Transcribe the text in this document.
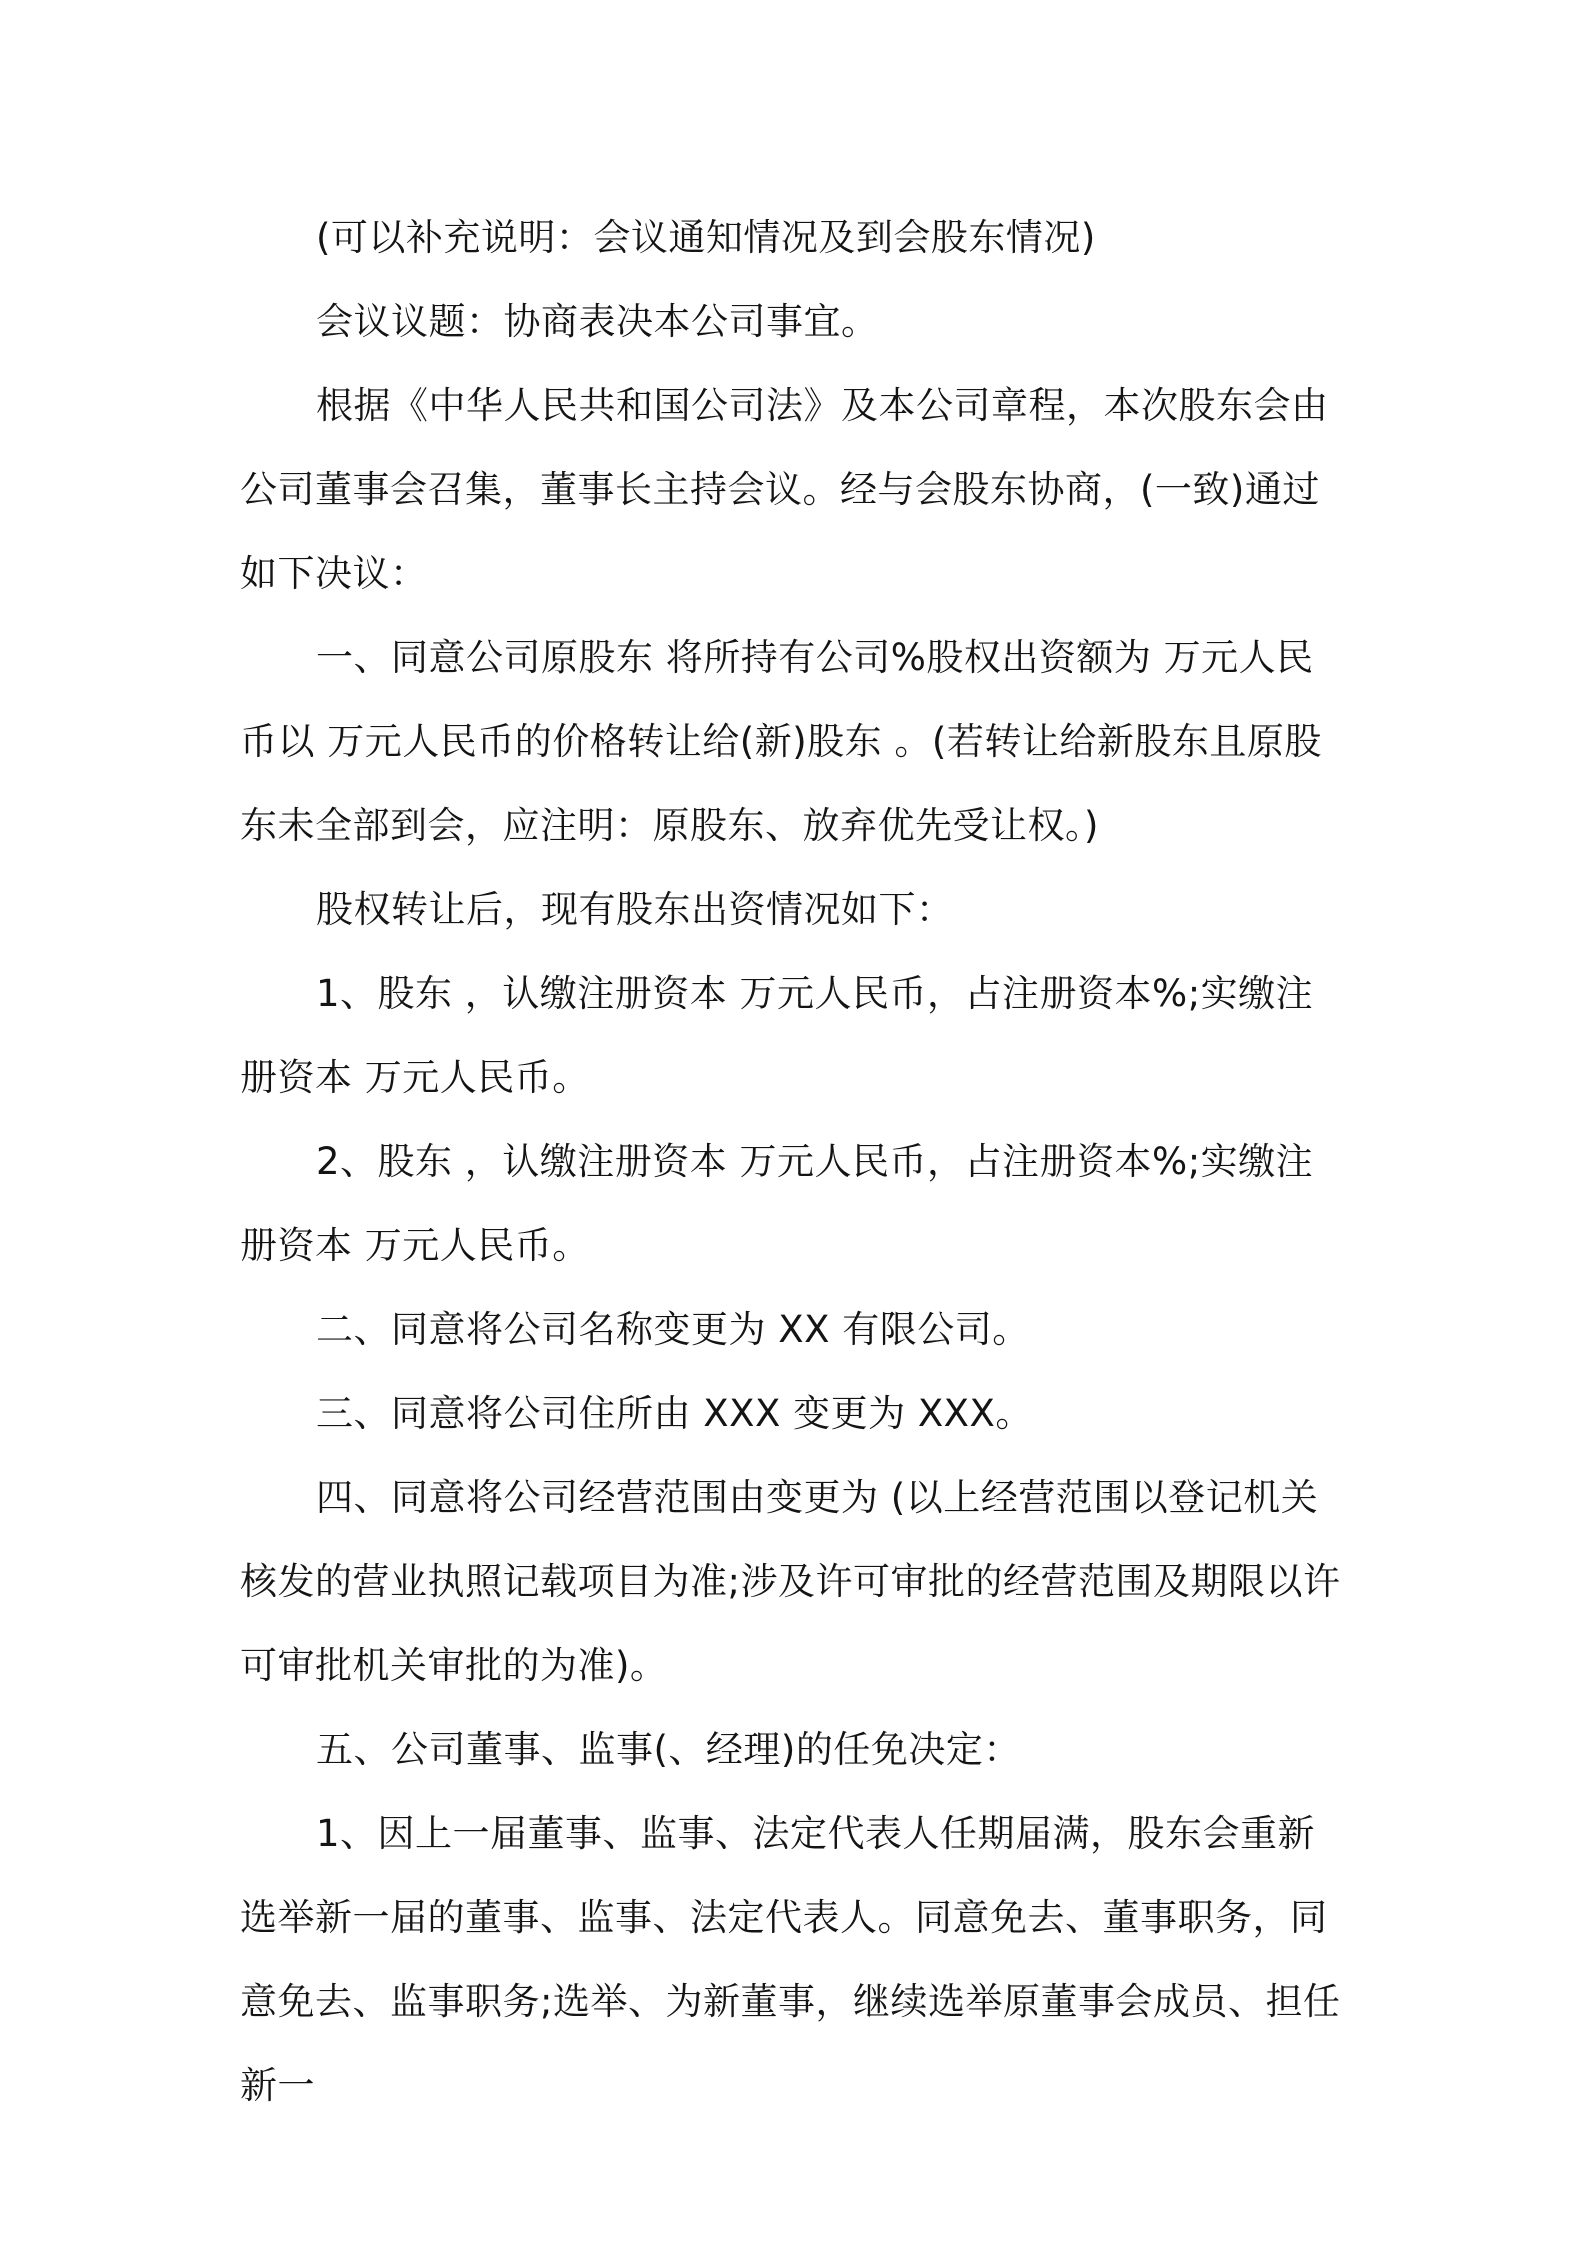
(可以补充说明：会议通知情况及到会股东情况)

会议议题：协商表决本公司事宜。

根据《中华人民共和国公司法》及本公司章程，本次股东会由公司董事会召集，董事长主持会议。经与会股东协商，(一致)通过如下决议：

一、同意公司原股东 将所持有公司%股权出资额为 万元人民币以 万元人民币的价格转让给(新)股东 。(若转让给新股东且原股东未全部到会，应注明：原股东、放弃优先受让权。)

股权转让后，现有股东出资情况如下：

1、股东 ，认缴注册资本 万元人民币，占注册资本%;实缴注册资本 万元人民币。

2、股东 ，认缴注册资本 万元人民币，占注册资本%;实缴注册资本 万元人民币。

二、同意将公司名称变更为 XX 有限公司。

三、同意将公司住所由 XXX 变更为 XXX。

四、同意将公司经营范围由变更为 (以上经营范围以登记机关核发的营业执照记载项目为准;涉及许可审批的经营范围及期限以许可审批机关审批的为准)。

五、公司董事、监事(、经理)的任免决定：

1、因上一届董事、监事、法定代表人任期届满，股东会重新选举新一届的董事、监事、法定代表人。同意免去、董事职务，同意免去、监事职务;选举、为新董事，继续选举原董事会成员、担任新一
